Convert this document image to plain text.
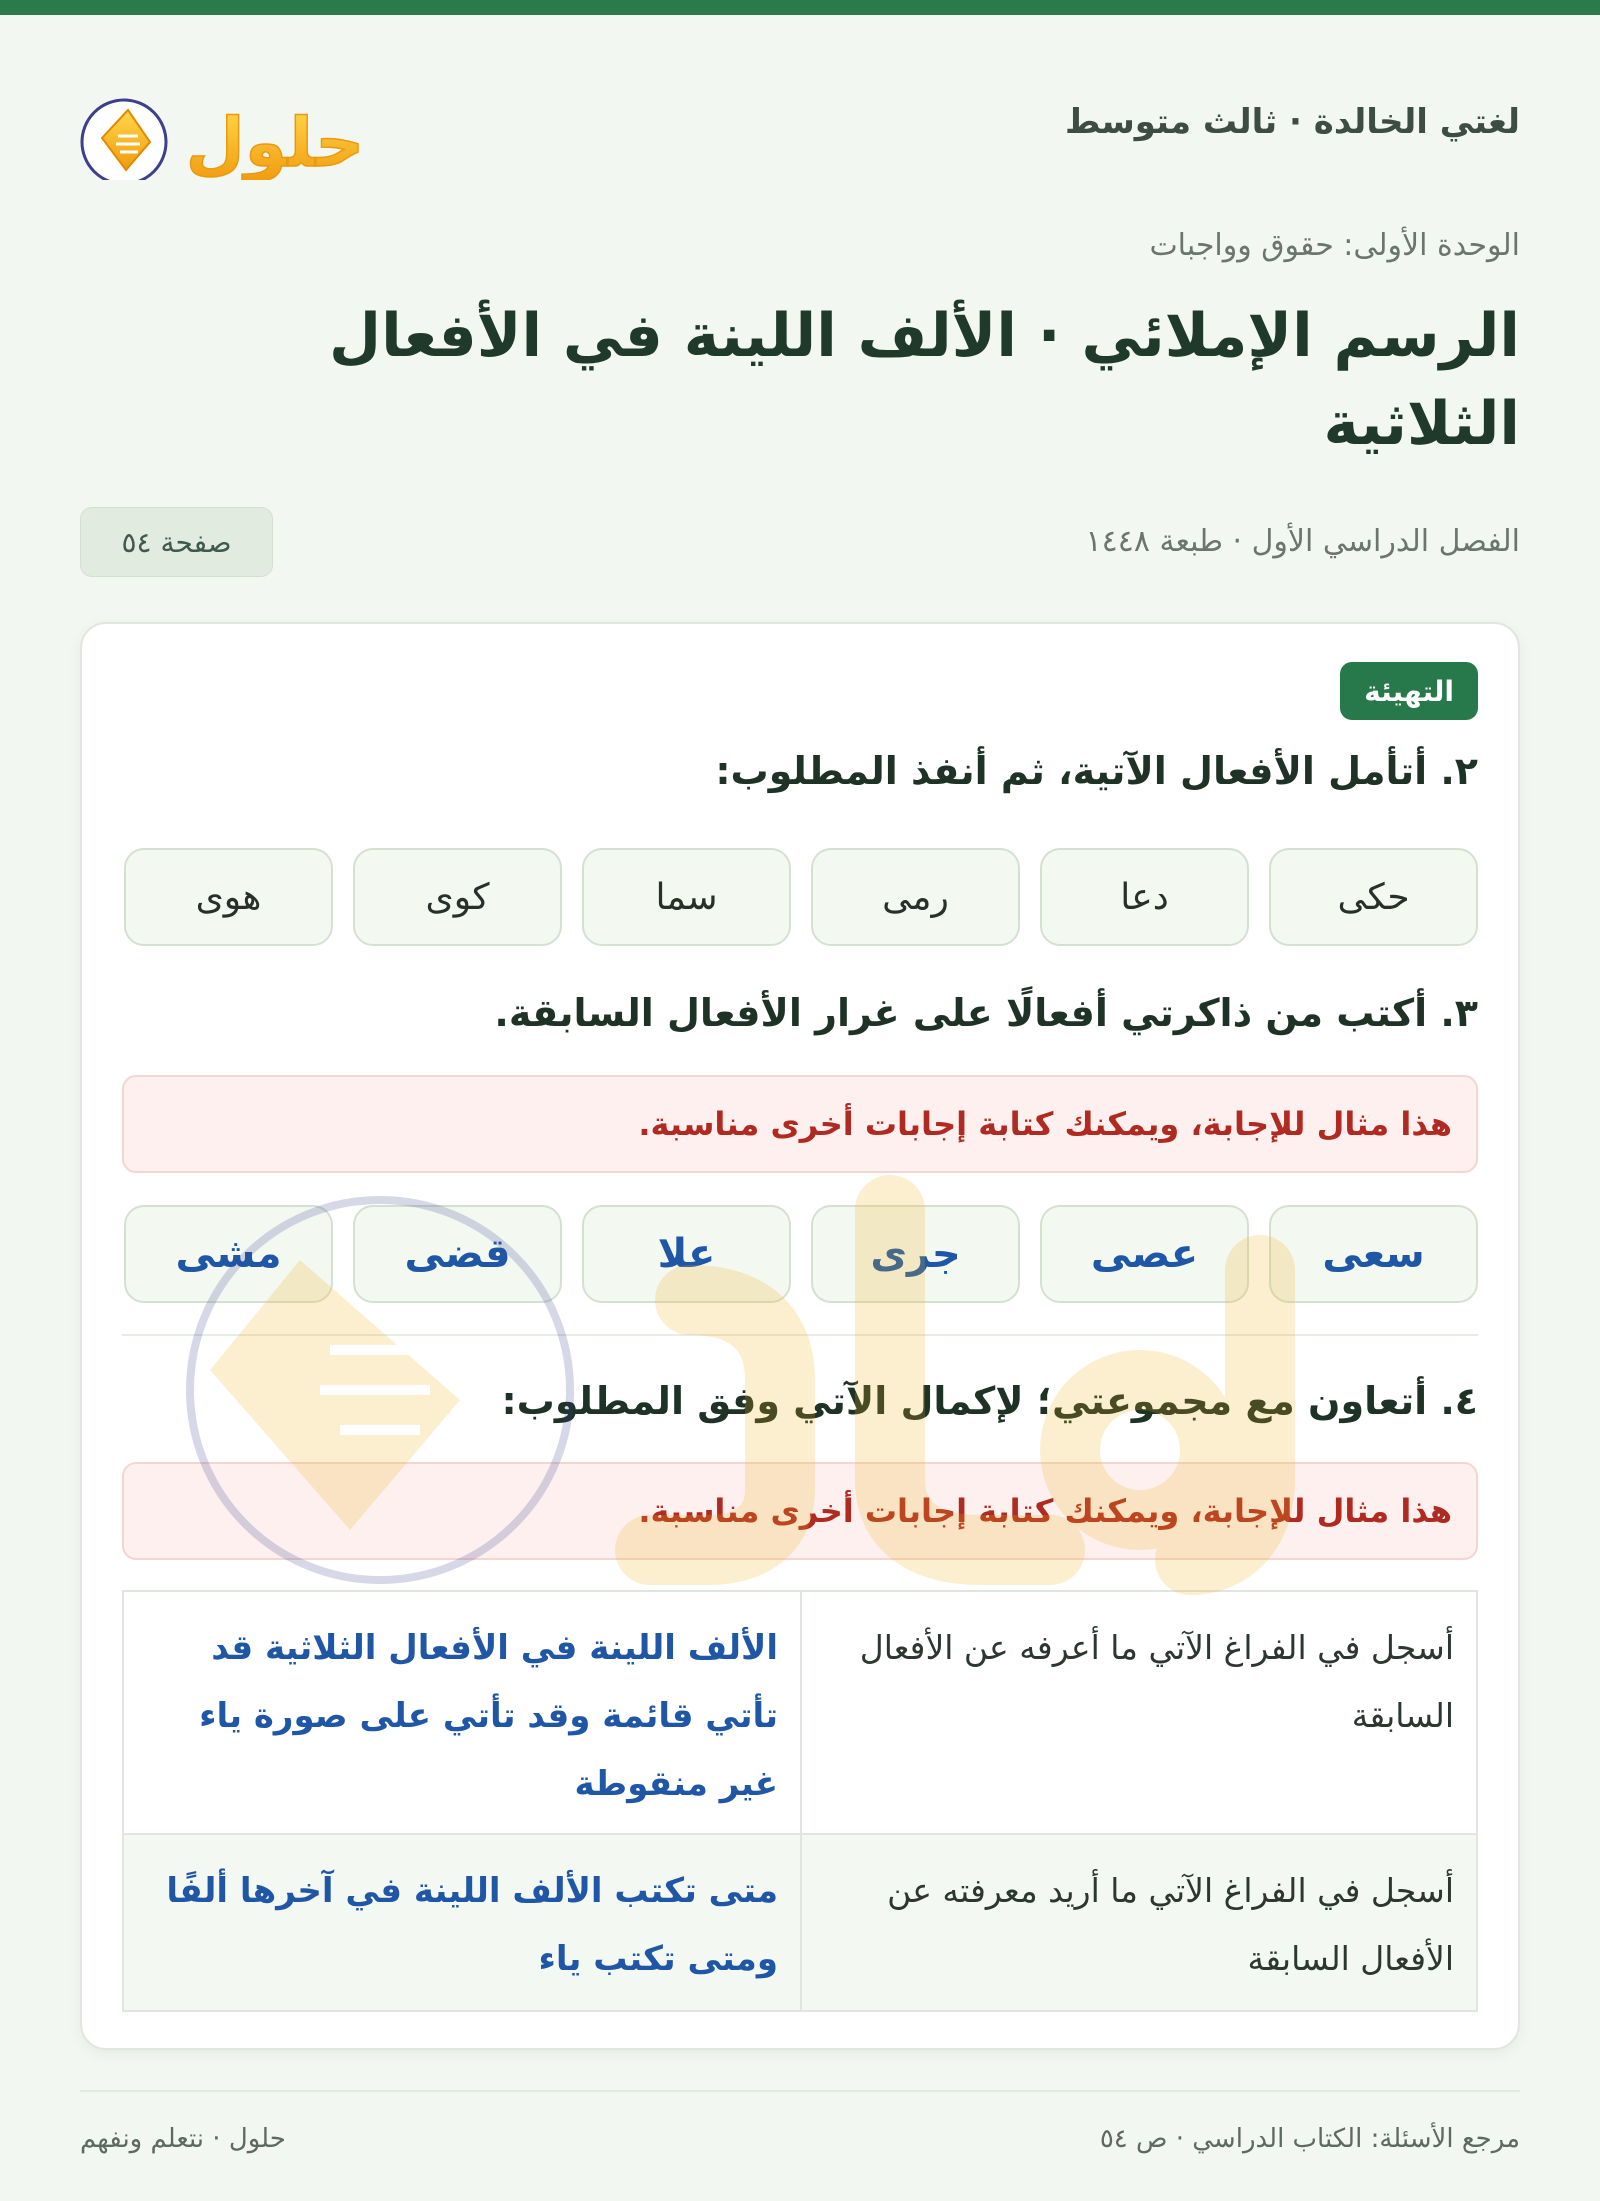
لغتي الخالدة · ثالث متوسط
حلول
الوحدة الأولى: حقوق وواجبات
الرسم الإملائي · الألف اللينة في الأفعال الثلاثية
الفصل الدراسي الأول · طبعة ١٤٤٨
صفحة ٥٤
التهيئة
٢. أتأمل الأفعال الآتية، ثم أنفذ المطلوب:
حكى
دعا
رمى
سما
كوى
هوى
٣. أكتب من ذاكرتي أفعالًا على غرار الأفعال السابقة.
هذا مثال للإجابة، ويمكنك كتابة إجابات أخرى مناسبة.
سعى
عصى
جرى
علا
قضى
مشى
٤. أتعاون مع مجموعتي؛ لإكمال الآتي وفق المطلوب:
هذا مثال للإجابة، ويمكنك كتابة إجابات أخرى مناسبة.
أسجل في الفراغ الآتي ما أعرفه عن الأفعال السابقة
الألف اللينة في الأفعال الثلاثية قد تأتي قائمة وقد تأتي على صورة ياء غير منقوطة
أسجل في الفراغ الآتي ما أريد معرفته عن الأفعال السابقة
متى تكتب الألف اللينة في آخرها ألفًا ومتى تكتب ياء
مرجع الأسئلة: الكتاب الدراسي · ص ٥٤
حلول · نتعلم ونفهم
